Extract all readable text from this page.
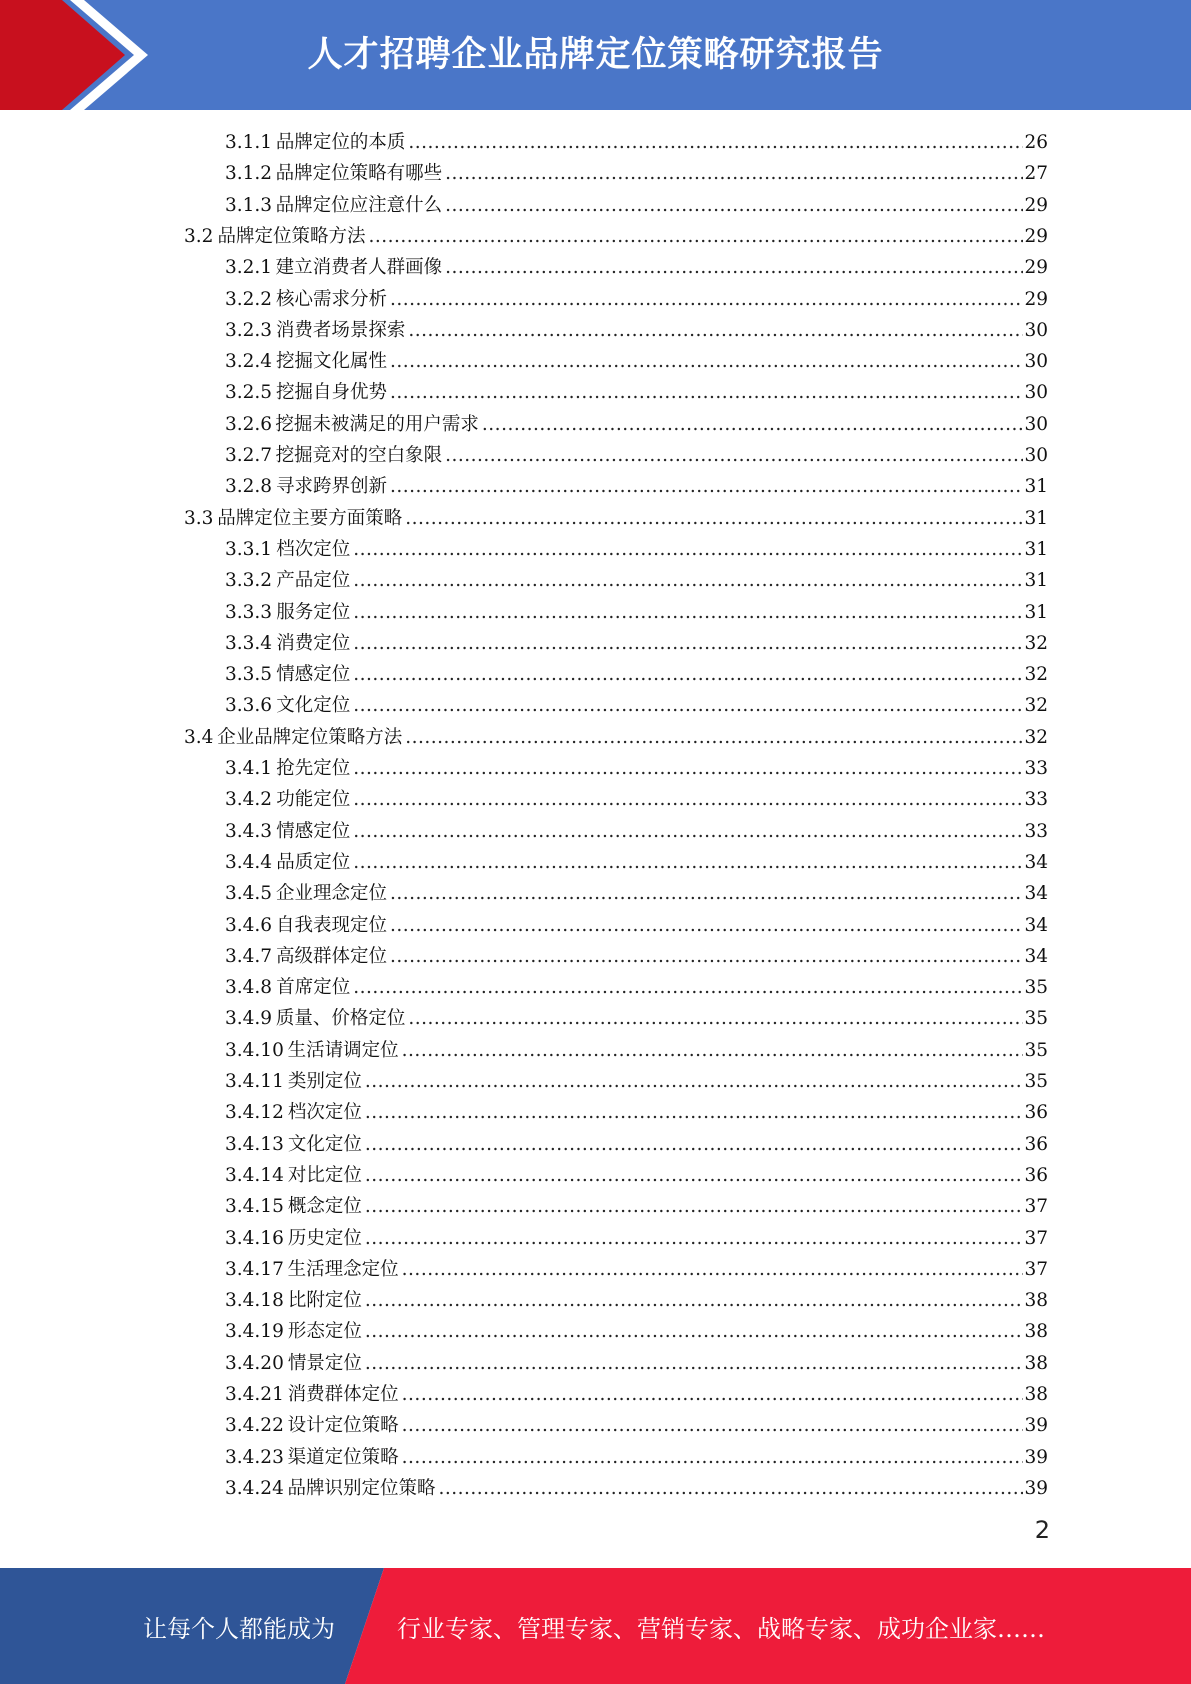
人才招聘企业品牌定位策略研究报告
3.1.1 品牌定位的本质 .....	26
3.1.2 品牌定位策略有哪些 .....	27
3.1.3 品牌定位应注意什么 .....	29
3.2 品牌定位策略方法 .....	29
3.2.1 建立消费者人群画像 .....	29
3.2.2 核心需求分析 .....	29
3.2.3 消费者场景探索 .....	30
3.2.4 挖掘文化属性 .....	30
3.2.5 挖掘自身优势 .....	30
3.2.6 挖掘未被满足的用户需求 .....	30
3.2.7 挖掘竞对的空白象限 .....	30
3.2.8 寻求跨界创新 .....	31
3.3 品牌定位主要方面策略 .....	31
3.3.1 档次定位 .....	31
3.3.2 产品定位 .....	31
3.3.3 服务定位 .....	31
3.3.4 消费定位 .....	32
3.3.5 情感定位 .....	32
3.3.6 文化定位 .....	32
3.4 企业品牌定位策略方法 .....	32
3.4.1 抢先定位 .....	33
3.4.2 功能定位 .....	33
3.4.3 情感定位 .....	33
3.4.4 品质定位 .....	34
3.4.5 企业理念定位 .....	34
3.4.6 自我表现定位 .....	34
3.4.7 高级群体定位 .....	34
3.4.8 首席定位 .....	35
3.4.9 质量、价格定位 .....	35
3.4.10 生活请调定位 .....	35
3.4.11 类别定位 .....	35
3.4.12 档次定位 .....	36
3.4.13 文化定位 .....	36
3.4.14 对比定位 .....	36
3.4.15 概念定位 .....	37
3.4.16 历史定位 .....	37
3.4.17 生活理念定位 .....	37
3.4.18 比附定位 .....	38
3.4.19 形态定位 .....	38
3.4.20 情景定位 .....	38
3.4.21 消费群体定位 .....	38
3.4.22 设计定位策略 .....	39
3.4.23 渠道定位策略 .....	39
3.4.24 品牌识别定位策略 .....	39
2
让每个人都能成为	行业专家、管理专家、营销专家、战略专家、成功企业家……
